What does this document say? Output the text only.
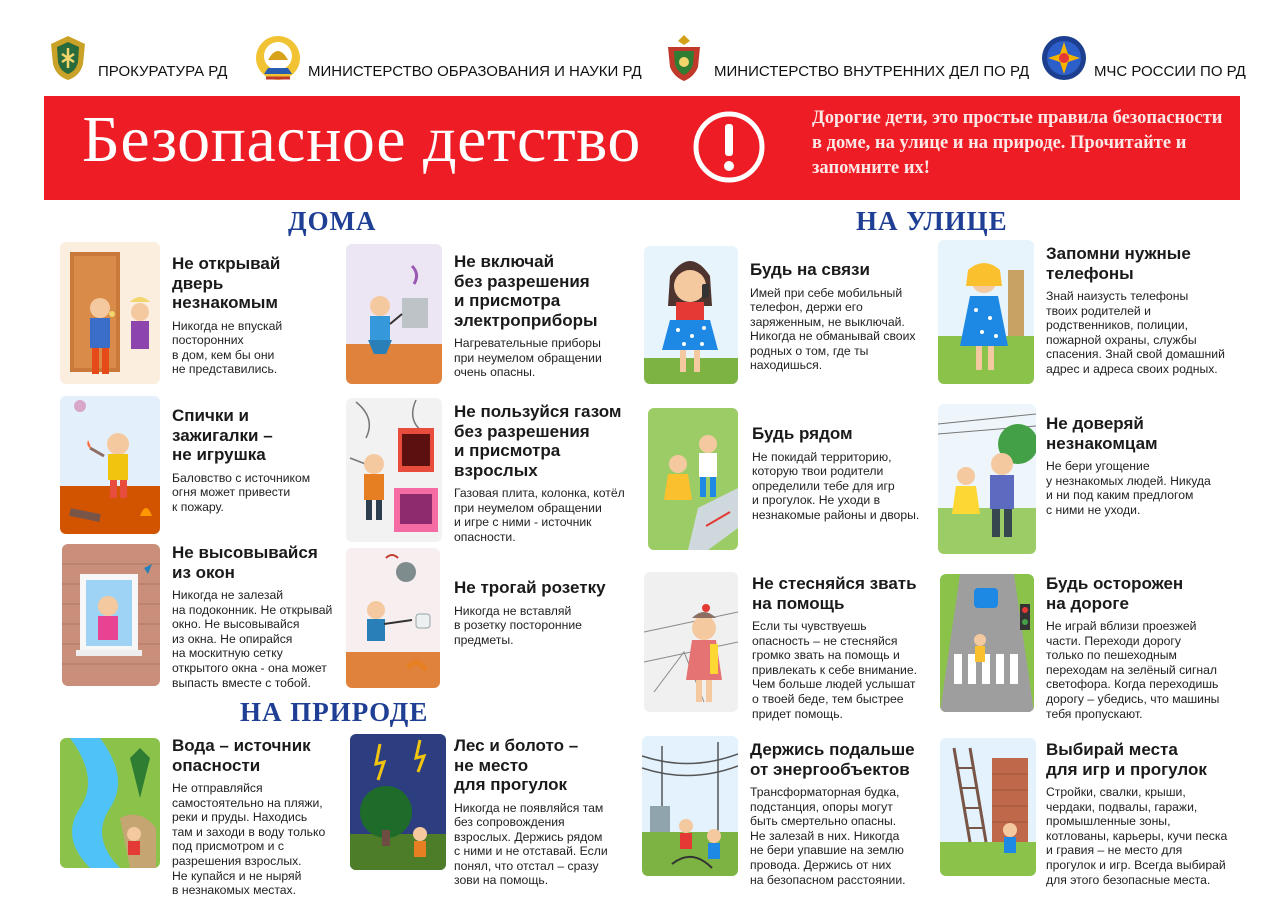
ПРОКУРАТУРА РД	МИНИСТЕРСТВО ОБРАЗОВАНИЯ И НАУКИ РД	МИНИСТЕРСТВО ВНУТРЕННИХ ДЕЛ ПО РД	МЧС РОССИИ ПО РД
Безопасное детство	Дорогие дети, это простые правила безопасности в доме, на улице и на природе. Прочитайте и запомните их!
ДОМА	НА УЛИЦЕ
НА ПРИРОДЕ
Не открывай
дверь
незнакомым
Никогда не впускай
посторонних
в дом, кем бы они
не представились.
Спички и
зажигалки –
не игрушка
Баловство с источником
огня может привести
к пожару.
Не высовывайся
из окон
Никогда не залезай
на подоконник. Не открывай
окно. Не высовывайся
из окна. Не опирайся
на москитную сетку
открытого окна - она может
выпасть вместе с тобой.
Не включай
без разрешения
и присмотра
электроприборы
Нагревательные приборы
при неумелом обращении
очень опасны.
Не пользуйся газом
без разрешения
и присмотра
взрослых
Газовая плита, колонка, котёл
при неумелом обращении
и игре с ними - источник
опасности.
Не трогай розетку
Никогда не вставляй
в розетку посторонние
предметы.
Вода – источник
опасности
Не отправляйся
самостоятельно на пляжи,
реки и пруды. Находись
там и заходи в воду только
под присмотром и с
разрешения взрослых.
Не купайся и не ныряй
в незнакомых местах.
Лес и болото –
не место
для прогулок
Никогда не появляйся там
без сопровождения
взрослых. Держись рядом
с ними и не отставай. Если
понял, что отстал – сразу
зови на помощь.
Будь на связи
Имей при себе мобильный
телефон, держи его
заряженным, не выключай.
Никогда не обманывай своих
родных о том, где ты
находишься.
Будь рядом
Не покидай территорию,
которую твои родители
определили тебе для игр
и прогулок. Не уходи в
незнакомые районы и дворы.
Не стесняйся звать
на помощь
Если ты чувствуешь
опасность – не стесняйся
громко звать на помощь и
привлекать к себе внимание.
Чем больше людей услышат
о твоей беде, тем быстрее
придет помощь.
Держись подальше
от энергообъектов
Трансформаторная будка,
подстанция, опоры могут
быть смертельно опасны.
Не залезай в них. Никогда
не бери упавшие на землю
провода. Держись от них
на безопасном расстоянии.
Запомни нужные
телефоны
Знай наизусть телефоны
твоих родителей и
родственников, полиции,
пожарной охраны, службы
спасения. Знай свой домашний
адрес и адреса своих родных.
Не доверяй
незнакомцам
Не бери угощение
у незнакомых людей. Никуда
и ни под каким предлогом
с ними не уходи.
Будь осторожен
на дороге
Не играй вблизи проезжей
части. Переходи дорогу
только по пешеходным
переходам на зелёный сигнал
светофора. Когда переходишь
дорогу – убедись, что машины
тебя пропускают.
Выбирай места
для игр и прогулок
Стройки, свалки, крыши,
чердаки, подвалы, гаражи,
промышленные зоны,
котлованы, карьеры, кучи песка
и гравия – не место для
прогулок и игр. Всегда выбирай
для этого безопасные места.
